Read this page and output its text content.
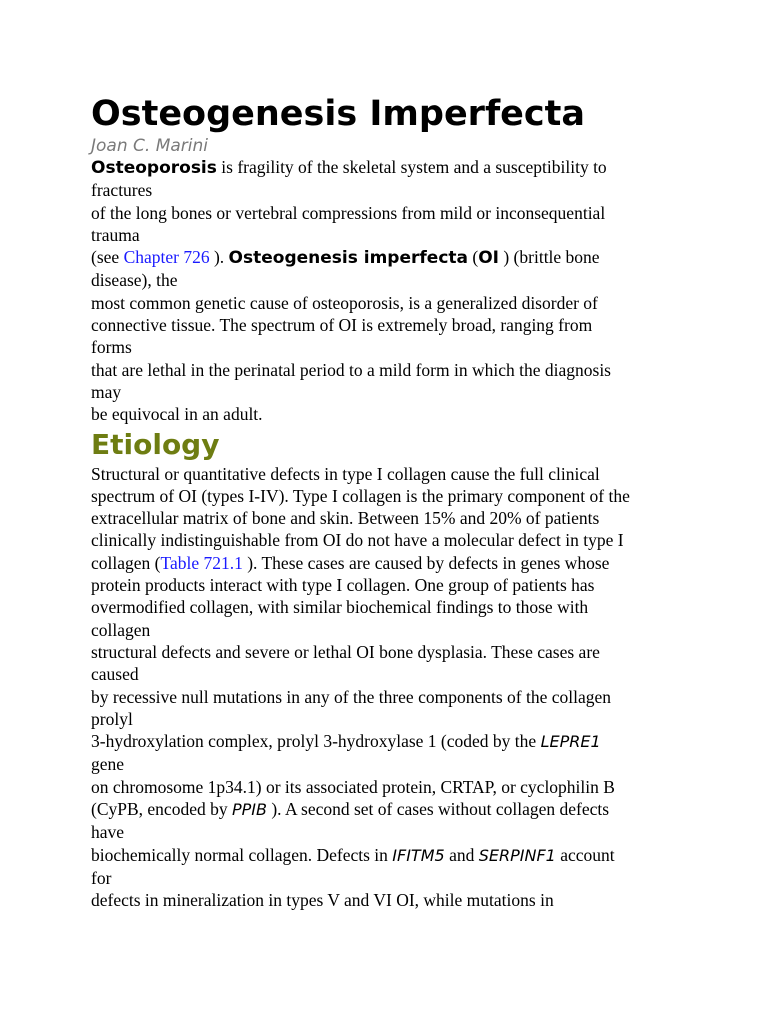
Osteogenesis Imperfecta

Joan C. Marini

Osteoporosis is fragility of the skeletal system and a susceptibility to

fractures

of the long bones or vertebral compressions from mild or inconsequential

trauma

(see Chapter 726 ). Osteogenesis imperfecta (OI ) (brittle bone

disease), the

most common genetic cause of osteoporosis, is a generalized disorder of

connective tissue. The spectrum of OI is extremely broad, ranging from

forms

that are lethal in the perinatal period to a mild form in which the diagnosis

may

be equivocal in an adult.

Etiology

Structural or quantitative defects in type I collagen cause the full clinical

spectrum of OI (types I-IV). Type I collagen is the primary component of the

extracellular matrix of bone and skin. Between 15% and 20% of patients

clinically indistinguishable from OI do not have a molecular defect in type I

collagen (Table 721.1 ). These cases are caused by defects in genes whose

protein products interact with type I collagen. One group of patients has

overmodified collagen, with similar biochemical findings to those with

collagen

structural defects and severe or lethal OI bone dysplasia. These cases are

caused

by recessive null mutations in any of the three components of the collagen

prolyl

3-hydroxylation complex, prolyl 3-hydroxylase 1 (coded by the LEPRE1

gene

on chromosome 1p34.1) or its associated protein, CRTAP, or cyclophilin B

(CyPB, encoded by PPIB ). A second set of cases without collagen defects

have

biochemically normal collagen. Defects in IFITM5 and SERPINF1 account

for

defects in mineralization in types V and VI OI, while mutations in
